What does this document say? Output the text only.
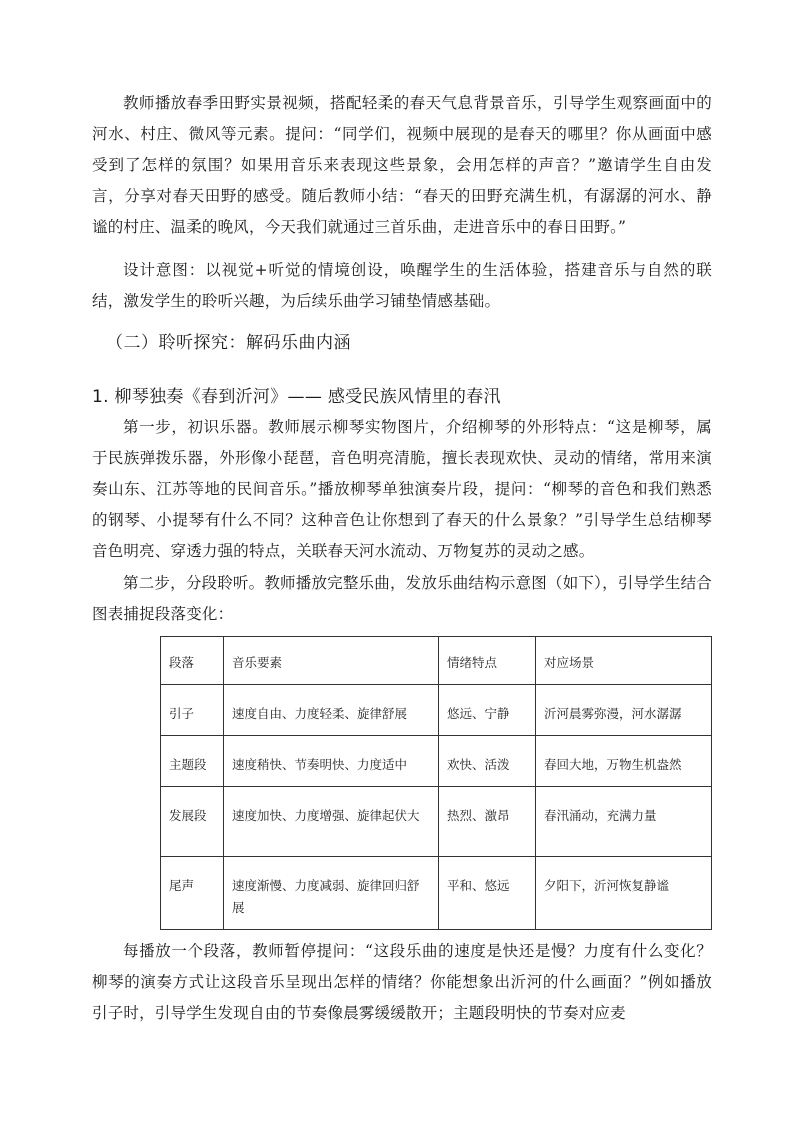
教师播放春季田野实景视频，搭配轻柔的春天气息背景音乐，引导学生观察画面中的河水、村庄、微风等元素。提问：“同学们，视频中展现的是春天的哪里？你从画面中感受到了怎样的氛围？如果用音乐来表现这些景象，会用怎样的声音？”邀请学生自由发言，分享对春天田野的感受。随后教师小结：“春天的田野充满生机，有潺潺的河水、静谧的村庄、温柔的晚风，今天我们就通过三首乐曲，走进音乐中的春日田野。”

设计意图：以视觉+听觉的情境创设，唤醒学生的生活体验，搭建音乐与自然的联结，激发学生的聆听兴趣，为后续乐曲学习铺垫情感基础。

（二）聆听探究：解码乐曲内涵
1. 柳琴独奏《春到沂河》—— 感受民族风情里的春汛

第一步，初识乐器。教师展示柳琴实物图片，介绍柳琴的外形特点：“这是柳琴，属于民族弹拨乐器，外形像小琵琶，音色明亮清脆，擅长表现欢快、灵动的情绪，常用来演奏山东、江苏等地的民间音乐。”播放柳琴单独演奏片段，提问：“柳琴的音色和我们熟悉的钢琴、小提琴有什么不同？这种音色让你想到了春天的什么景象？”引导学生总结柳琴音色明亮、穿透力强的特点，关联春天河水流动、万物复苏的灵动之感。

第二步，分段聆听。教师播放完整乐曲，发放乐曲结构示意图（如下），引导学生结合图表捕捉段落变化：

段落	音乐要素	情绪特点	对应场景
引子	速度自由、力度轻柔、旋律舒展	悠远、宁静	沂河晨雾弥漫，河水潺潺
主题段	速度稍快、节奏明快、力度适中	欢快、活泼	春回大地，万物生机盎然
发展段	速度加快、力度增强、旋律起伏大	热烈、激昂	春汛涌动，充满力量
尾声	速度渐慢、力度减弱、旋律回归舒展	平和、悠远	夕阳下，沂河恢复静谧

每播放一个段落，教师暂停提问：“这段乐曲的速度是快还是慢？力度有什么变化？柳琴的演奏方式让这段音乐呈现出怎样的情绪？你能想象出沂河的什么画面？”例如播放引子时，引导学生发现自由的节奏像晨雾缓缓散开；主题段明快的节奏对应麦
